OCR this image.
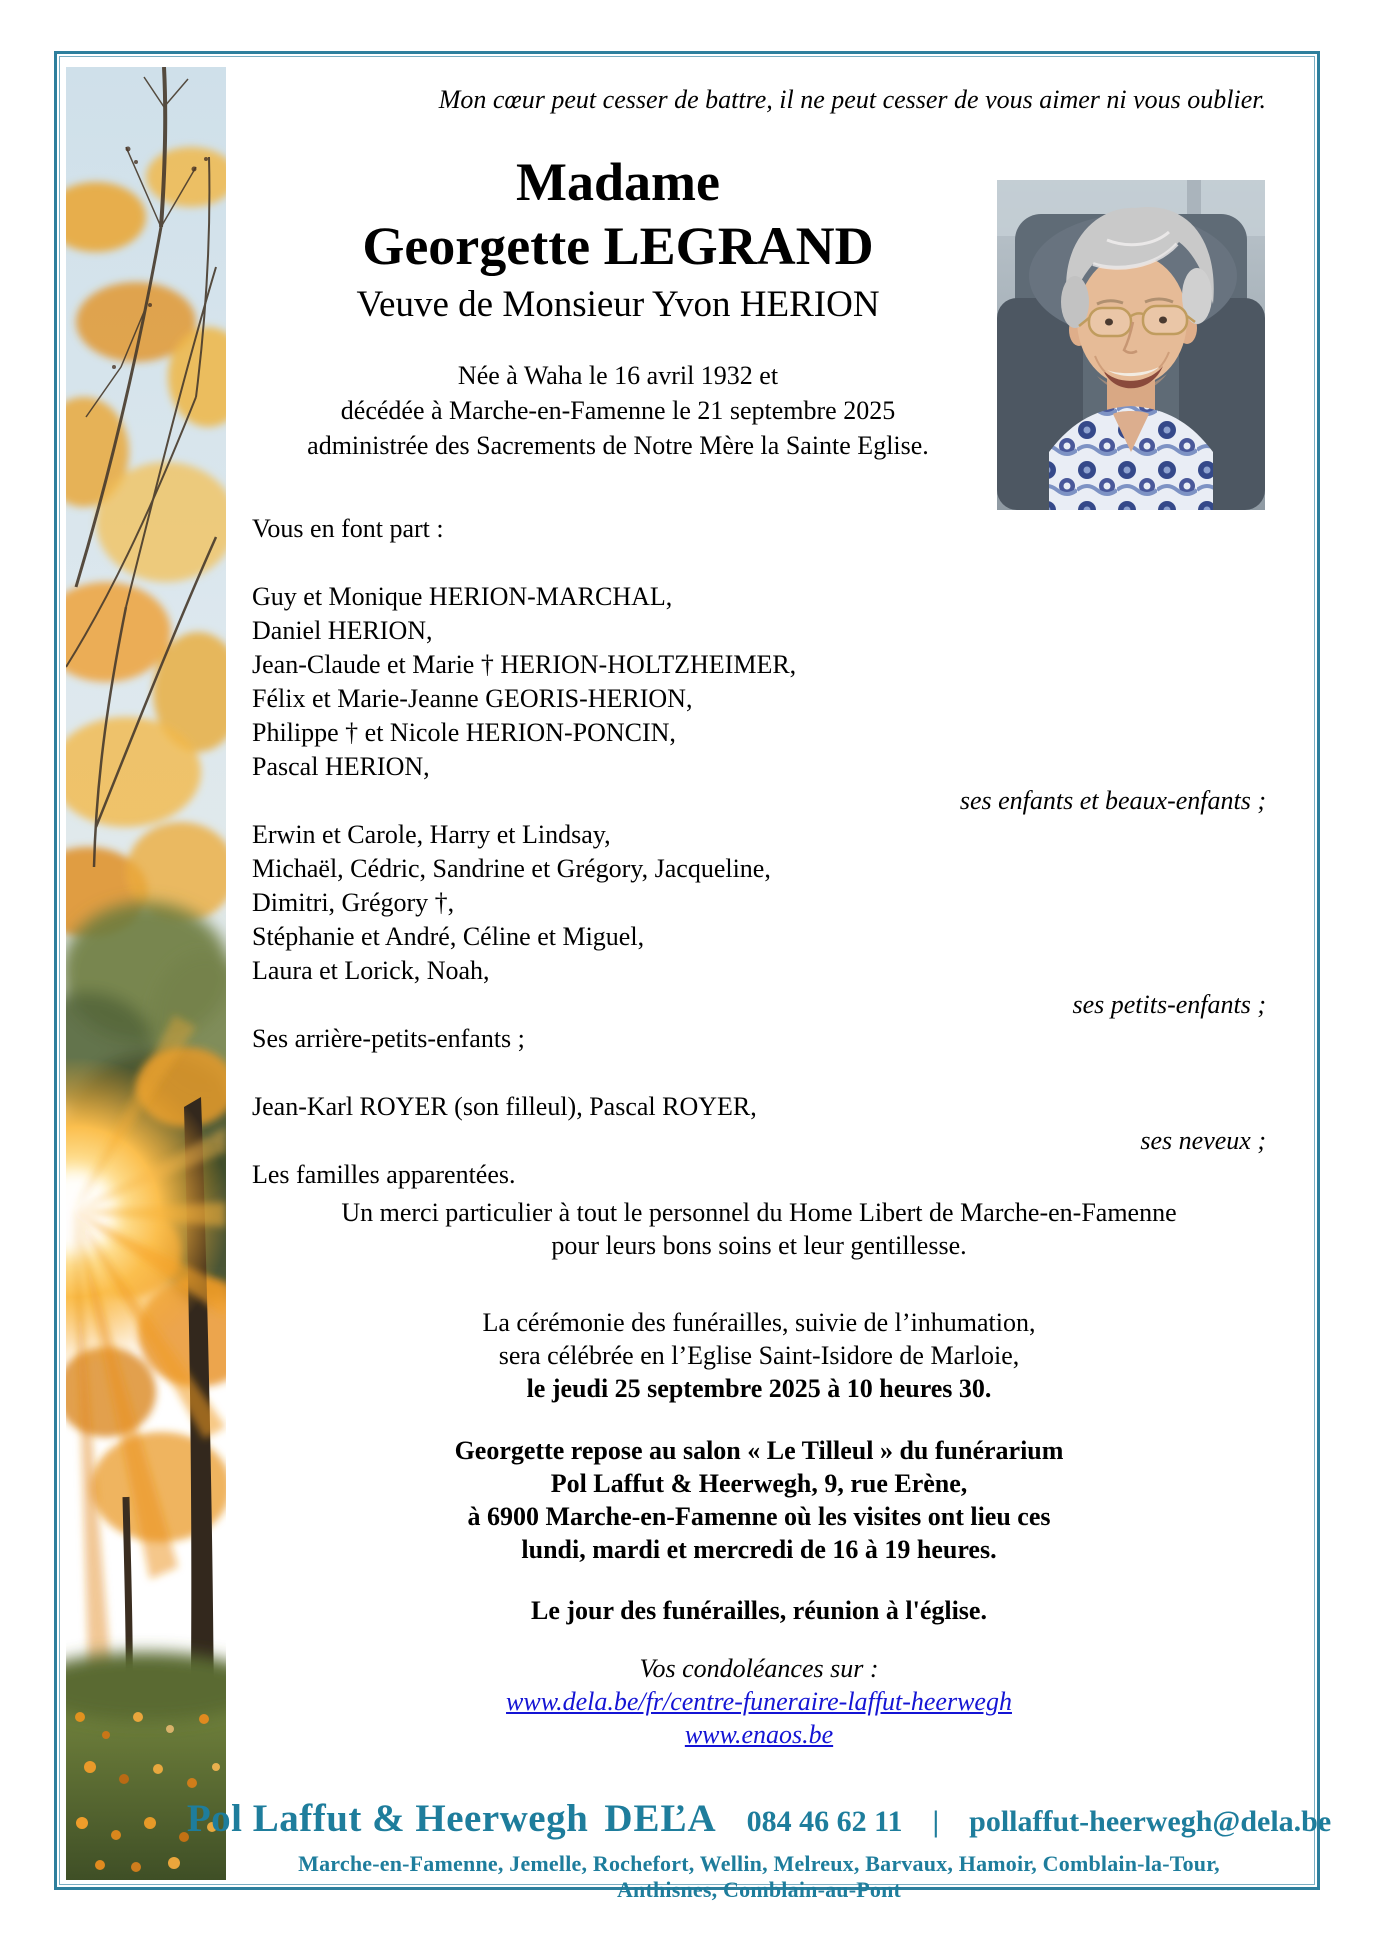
Mon cœur peut cesser de battre, il ne peut cesser de vous aimer ni vous oublier.
Madame
Georgette LEGRAND
Veuve de Monsieur Yvon HERION
Née à Waha le 16 avril 1932 et
décédée à Marche-en-Famenne le 21 septembre 2025
administrée des Sacrements de Notre Mère la Sainte Eglise.
Vous en font part :
Guy et Monique HERION-MARCHAL,
Daniel HERION,
Jean-Claude et Marie † HERION-HOLTZHEIMER,
Félix et Marie-Jeanne GEORIS-HERION,
Philippe † et Nicole HERION-PONCIN,
Pascal HERION,
ses enfants et beaux-enfants ;
Erwin et Carole, Harry et Lindsay,
Michaël, Cédric, Sandrine et Grégory, Jacqueline,
Dimitri, Grégory †,
Stéphanie et André, Céline et Miguel,
Laura et Lorick, Noah,
ses petits-enfants ;
Ses arrière-petits-enfants ;
Jean-Karl ROYER (son filleul), Pascal ROYER,
ses neveux ;
Les familles apparentées.
Un merci particulier à tout le personnel du Home Libert de Marche-en-Famenne
pour leurs bons soins et leur gentillesse.
La cérémonie des funérailles, suivie de l’inhumation,
sera célébrée en l’Eglise Saint-Isidore de Marloie,
le jeudi 25 septembre 2025 à 10 heures 30.
Georgette repose au salon « Le Tilleul » du funérarium
Pol Laffut & Heerwegh, 9, rue Erène,
à 6900 Marche-en-Famenne où les visites ont lieu ces
lundi, mardi et mercredi de 16 à 19 heures.
Le jour des funérailles, réunion à l'église.
Vos condoléances sur :
www.dela.be/fr/centre-funeraire-laffut-heerwegh
www.enaos.be
Pol Laffut & Heerwegh DEĽA 084 46 62 11 | pollaffut-heerwegh@dela.be
Marche-en-Famenne, Jemelle, Rochefort, Wellin, Melreux, Barvaux, Hamoir, Comblain-la-Tour, Anthisnes, Comblain-au-Pont
